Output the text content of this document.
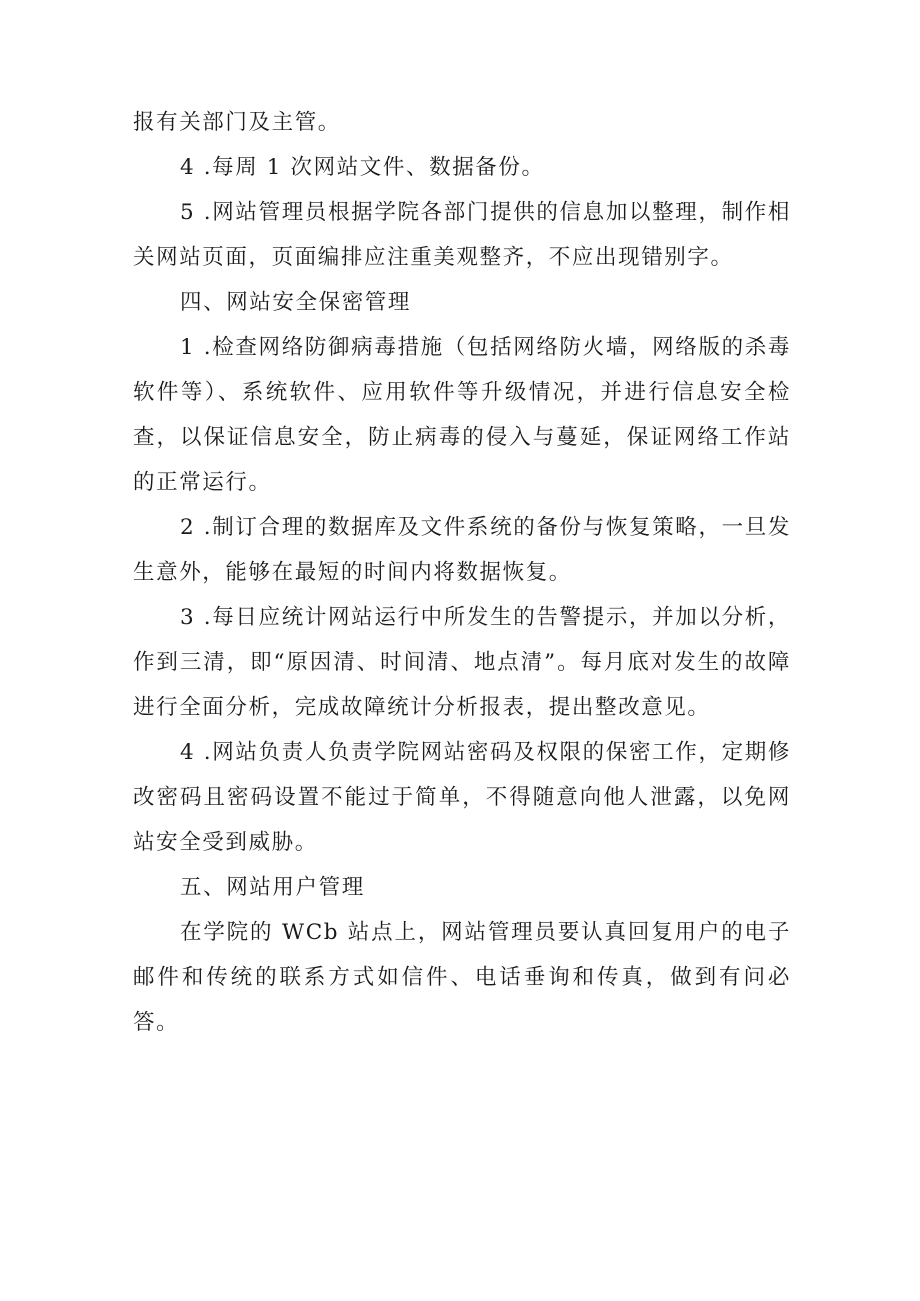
报有关部门及主管。

4 .每周 1 次网站文件、数据备份。

5 .网站管理员根据学院各部门提供的信息加以整理，制作相关网站页面，页面编排应注重美观整齐，不应出现错别字。

四、网站安全保密管理

1 .检查网络防御病毒措施（包括网络防火墙，网络版的杀毒软件等）、系统软件、应用软件等升级情况，并进行信息安全检查，以保证信息安全，防止病毒的侵入与蔓延，保证网络工作站的正常运行。

2 .制订合理的数据库及文件系统的备份与恢复策略，一旦发生意外，能够在最短的时间内将数据恢复。

3 .每日应统计网站运行中所发生的告警提示，并加以分析，作到三清，即“原因清、时间清、地点清”。每月底对发生的故障进行全面分析，完成故障统计分析报表，提出整改意见。

4 .网站负责人负责学院网站密码及权限的保密工作，定期修改密码且密码设置不能过于简单，不得随意向他人泄露，以免网站安全受到威胁。

五、网站用户管理

在学院的 WCb 站点上，网站管理员要认真回复用户的电子邮件和传统的联系方式如信件、电话垂询和传真，做到有问必答。
